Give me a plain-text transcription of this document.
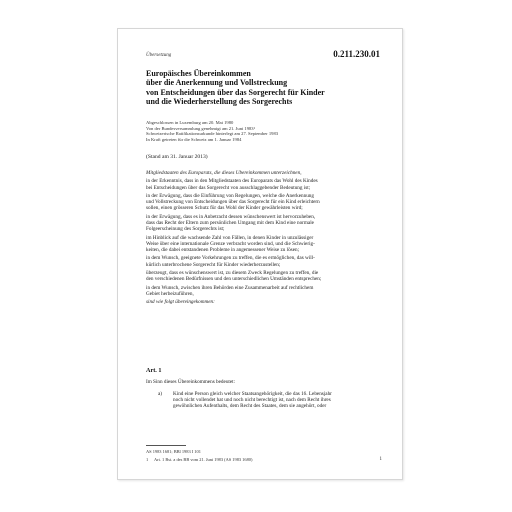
Übersetzung	0.211.230.01
Europäisches Übereinkommen
über die Anerkennung und Vollstreckung
von Entscheidungen über das Sorgerecht für Kinder
und die Wiederherstellung des Sorgerechts
Abgeschlossen in Luxemburg am 20. Mai 1980
Von der Bundesversammlung genehmigt am 21. Juni 1983¹
Schweizerische Ratifikationsurkunde hinterlegt am 27. September 1983
In Kraft getreten für die Schweiz am 1. Januar 1984
(Stand am 31. Januar 2013)
Mitgliedstaaten des Europarats, die dieses Übereinkommen unterzeichnen,
in der Erkenntnis, dass in den Mitgliedstaaten des Europarats das Wohl des Kindes
bei Entscheidungen über das Sorgerecht von ausschlaggebender Bedeutung ist;
in der Erwägung, dass die Einführung von Regelungen, welche die Anerkennung
und Vollstreckung von Entscheidungen über das Sorgerecht für ein Kind erleichtern
sollen, einen grösseren Schutz für das Wohl der Kinder gewährleisten wird;
in der Erwägung, dass es in Anbetracht dessen wünschenswert ist hervorzuheben,
dass das Recht der Eltern zum persönlichen Umgang mit dem Kind eine normale
Folgeerscheinung des Sorgerechts ist;
im Hinblick auf die wachsende Zahl von Fällen, in denen Kinder in unzulässiger
Weise über eine internationale Grenze verbracht worden sind, und die Schwierig-
keiten, die dabei entstandenen Probleme in angemessener Weise zu lösen;
in dem Wunsch, geeignete Vorkehrungen zu treffen, die es ermöglichen, das will-
kürlich unterbrochene Sorgerecht für Kinder wiederherzustellen;
überzeugt, dass es wünschenswert ist, zu diesem Zweck Regelungen zu treffen, die
den verschiedenen Bedürfnissen und den unterschiedlichen Umständen entsprechen;
in dem Wunsch, zwischen ihren Behörden eine Zusammenarbeit auf rechtlichem
Gebiet herbeizuführen,
sind wie folgt übereingekommen:
Art. 1
Im Sinn dieses Übereinkommens bedeutet:
a) Kind eine Person gleich welcher Staatsangehörigkeit, die das 16. Lebensjahr
noch nicht vollendet hat und noch nicht berechtigt ist, nach dem Recht ihres
gewöhnlichen Aufenthalts, dem Recht des Staates, dem sie angehört, oder
AS 1983 1681; BBl 1983 I 101
1 Art. 1 Bst. a des BB vom 21. Juni 1983 (AS 1983 1680)	1
